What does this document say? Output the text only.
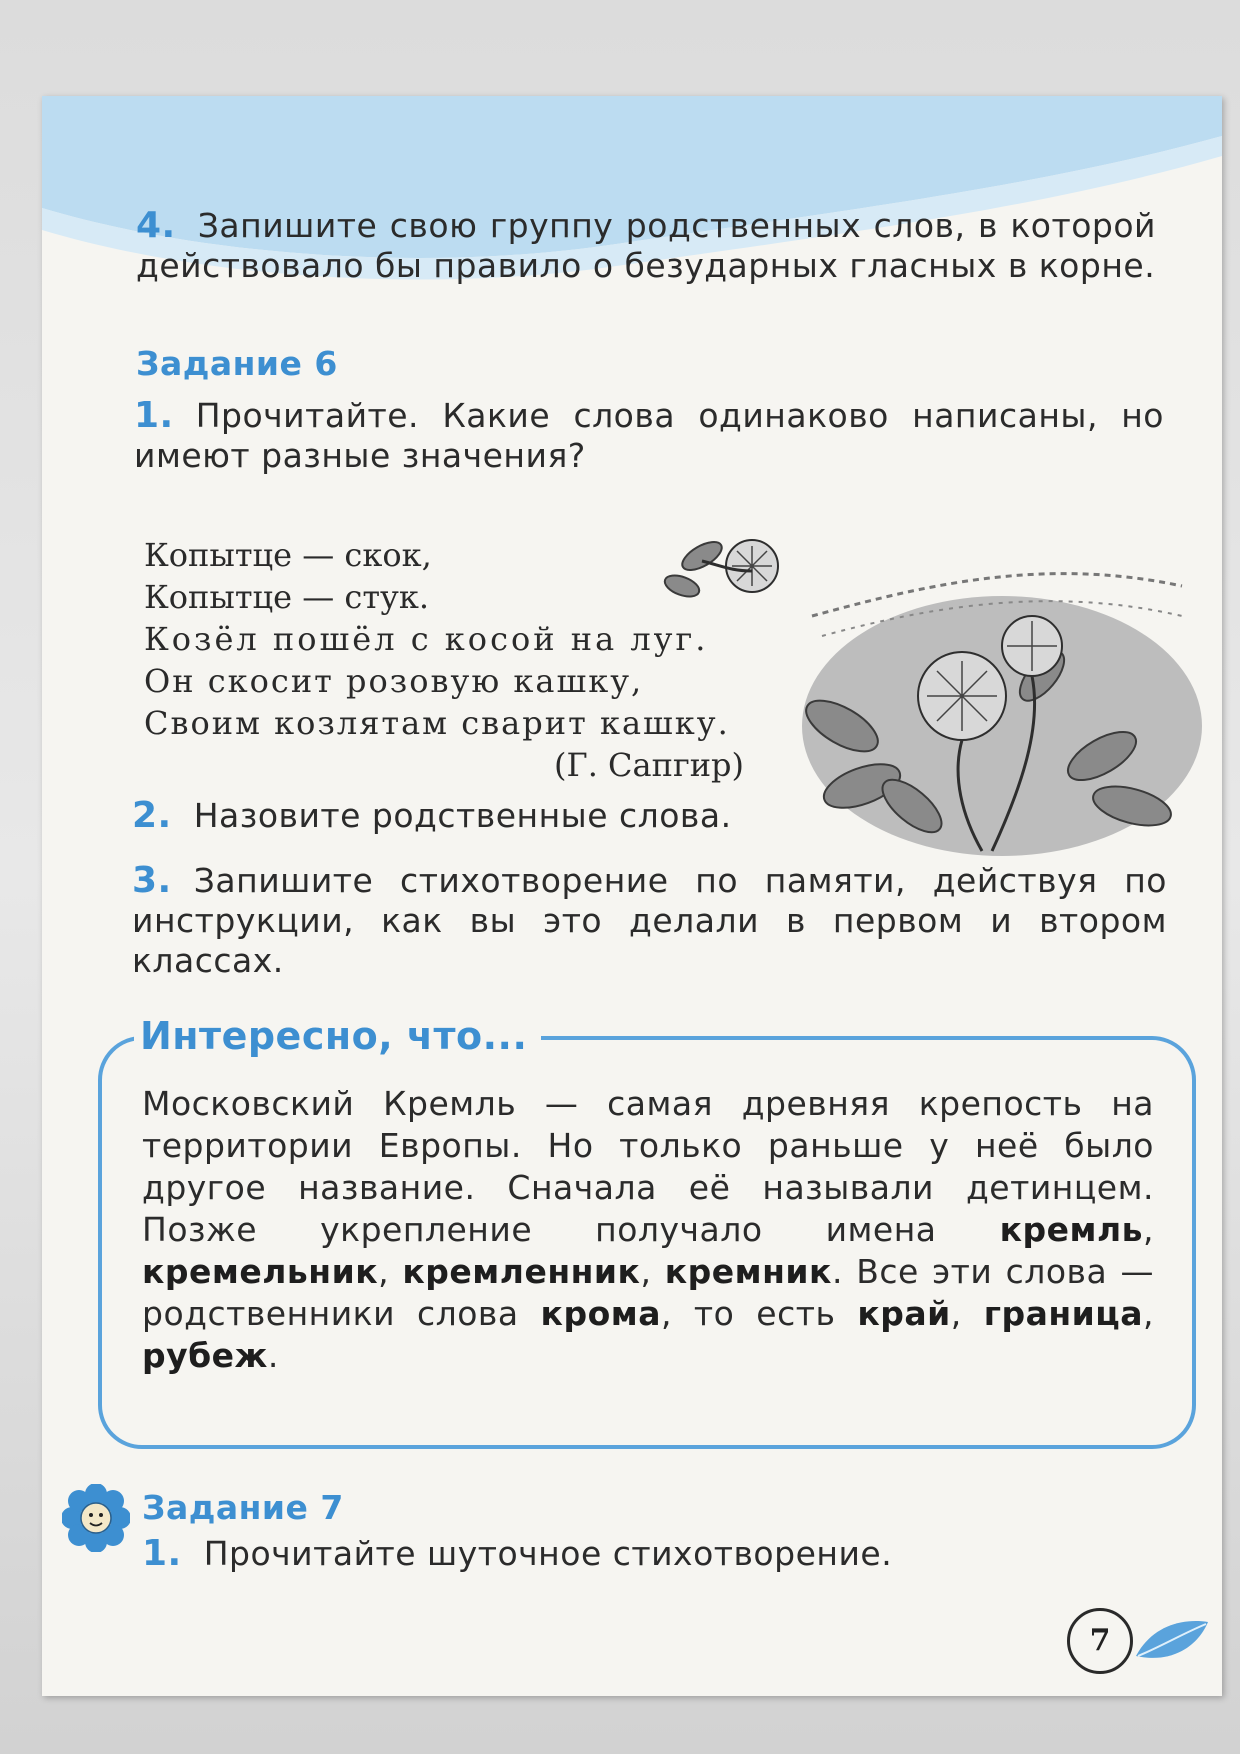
4. Запишите свою группу родственных слов, в которой действовало бы правило о безударных гласных в корне.
Задание 6
1. Прочитайте. Какие слова одинаково написаны, но имеют разные значения?
Копытце — скок,
Копытце — стук.
Козёл пошёл с косой на луг.
Он скосит розовую кашку,
Своим козлятам сварит кашку.
(Г. Сапгир)
2. Назовите родственные слова.
3. Запишите стихотворение по памяти, действуя по инструкции, как вы это делали в первом и втором классах.
Интересно, что...
Московский Кремль — самая древняя крепость на территории Европы. Но только раньше у неё было другое название. Сначала её называли детинцем. Позже укрепление получало имена кремль, кремельник, кремленник, кремник. Все эти слова — родственники слова крома, то есть край, граница, рубеж.
Задание 7
1. Прочитайте шуточное стихотворение.
7
